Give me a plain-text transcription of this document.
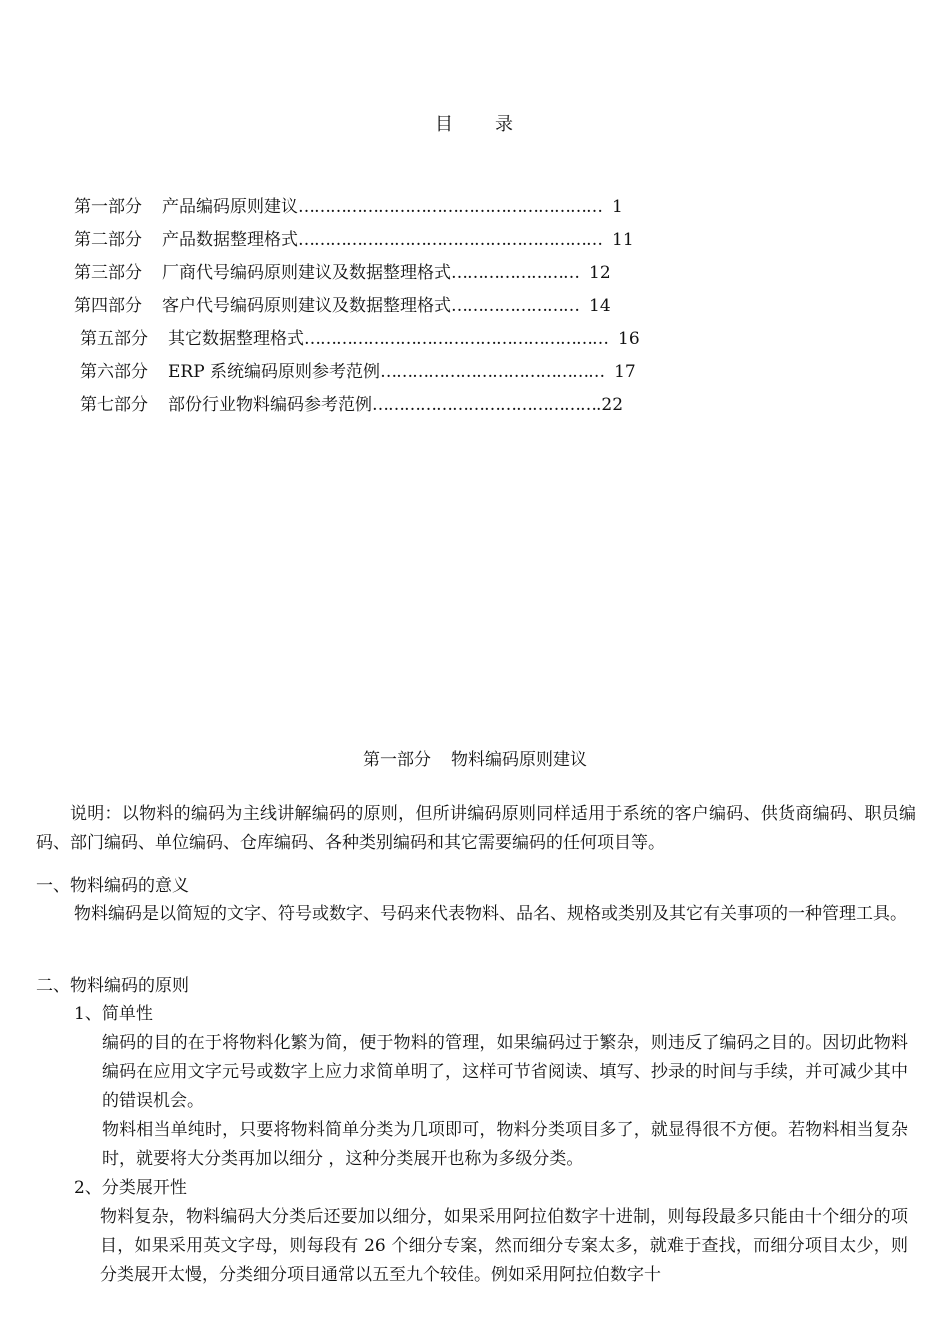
目　　录
第一部分 产品编码原则建议………………………………………………… 1
第二部分 产品数据整理格式………………………………………………… 11
第三部分 厂商代号编码原则建议及数据整理格式…………………… 12
第四部分 客户代号编码原则建议及数据整理格式…………………… 14
第五部分 其它数据整理格式………………………………………………… 16
第六部分 ERP 系统编码原则参考范例…………………………………… 17
第七部分 部份行业物料编码参考范例…………………………………….22
第一部分 物料编码原则建议
说明：以物料的编码为主线讲解编码的原则，但所讲编码原则同样适用于系统的客户编码、供货商编码、职员编码、部门编码、单位编码、仓库编码、各种类别编码和其它需要编码的任何项目等。
一、物料编码的意义
物料编码是以简短的文字、符号或数字、号码来代表物料、品名、规格或类别及其它有关事项的一种管理工具。
二、物料编码的原则
1、简单性
编码的目的在于将物料化繁为简，便于物料的管理，如果编码过于繁杂，则违反了编码之目的。因切此物料编码在应用文字元号或数字上应力求简单明了，这样可节省阅读、填写、抄录的时间与手续，并可减少其中的错误机会。
物料相当单纯时，只要将物料简单分类为几项即可，物料分类项目多了，就显得很不方便。若物料相当复杂时，就要将大分类再加以细分 ，这种分类展开也称为多级分类。
2、分类展开性
物料复杂，物料编码大分类后还要加以细分，如果采用阿拉伯数字十进制，则每段最多只能由十个细分的项目，如果采用英文字母，则每段有 26 个细分专案，然而细分专案太多，就难于查找，而细分项目太少，则分类展开太慢，分类细分项目通常以五至九个较佳。例如采用阿拉伯数字十
